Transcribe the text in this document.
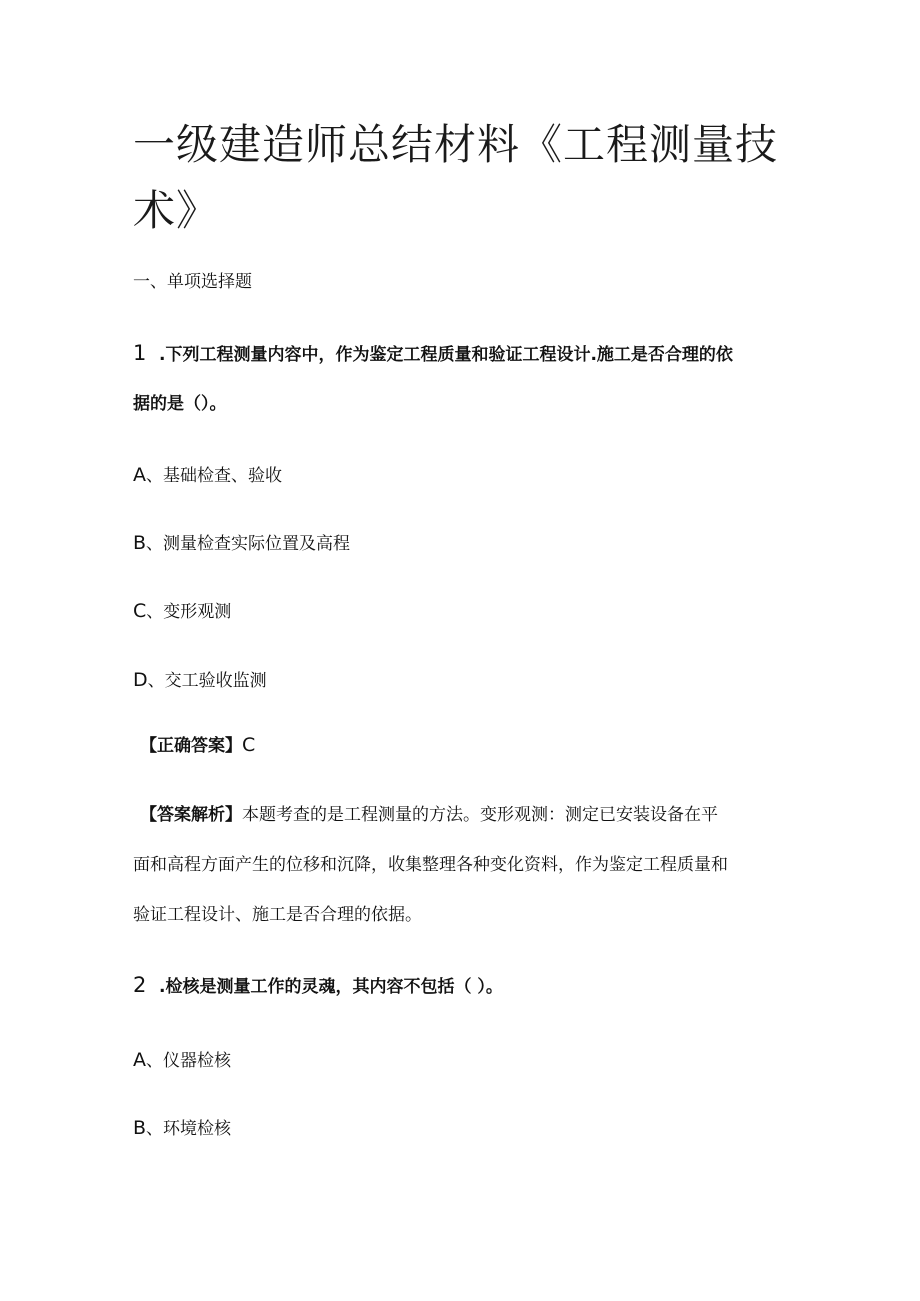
一级建造师总结材料《工程测量技
术》
一、单项选择题
1 .下列工程测量内容中，作为鉴定工程质量和验证工程设计.施工是否合理的依
据的是（）。
A、基础检查、验收
B、测量检查实际位置及高程
C、变形观测
D、交工验收监测
【正确答案】C
【答案解析】本题考查的是工程测量的方法。变形观测：测定已安装设备在平
面和高程方面产生的位移和沉降，收集整理各种变化资料，作为鉴定工程质量和
验证工程设计、施工是否合理的依据。
2 .检核是测量工作的灵魂，其内容不包括（ ）。
A、仪器检核
B、环境检核
